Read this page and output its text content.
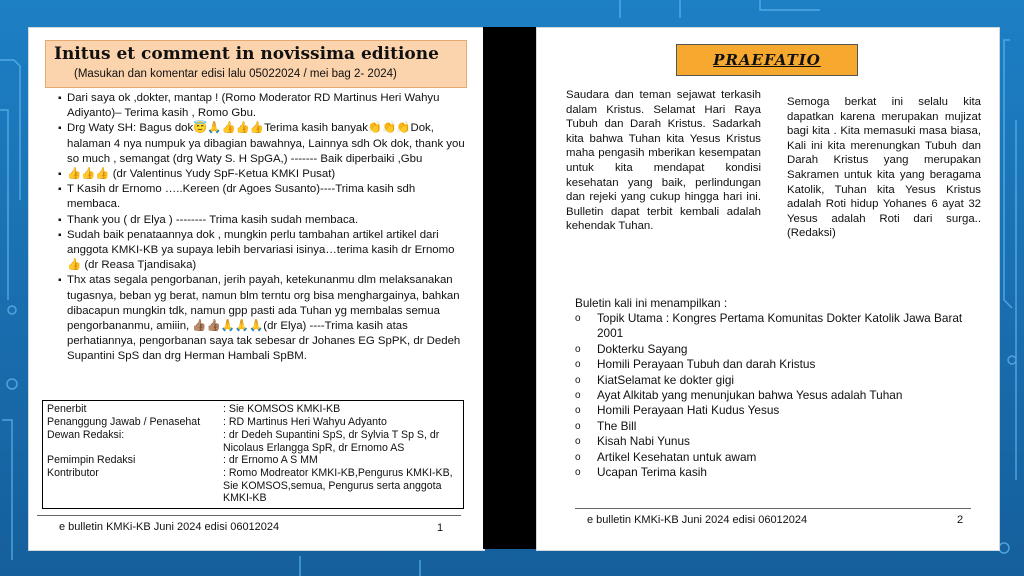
Initus et comment in novissima editione
(Masukan dan komentar edisi lalu 05022024 / mei bag 2- 2024)
▪ Dari saya ok ,dokter, mantap ! (Romo Moderator RD Martinus Heri Wahyu Adiyanto)– Terima kasih , Romo Gbu.
▪ Drg Waty SH: Bagus dok😇🙏👍👍👍Terima kasih banyak👏👏👏Dok, halaman 4 nya numpuk ya dibagian bawahnya, Lainnya sdh Ok dok, thank you so much , semangat (drg Waty S. H SpGA,) ------- Baik diperbaiki ,Gbu
▪ 👍👍👍 (dr Valentinus Yudy SpF-Ketua KMKI Pusat)
▪ T Kasih dr Ernomo …..Kereen (dr Agoes Susanto)----Trima kasih sdh membaca.
▪ Thank you ( dr Elya ) -------- Trima kasih sudah membaca.
▪ Sudah baik penataannya dok , mungkin perlu tambahan artikel artikel dari anggota KMKI-KB ya supaya lebih bervariasi isinya…terima kasih dr Ernomo 👍 (dr Reasa Tjandisaka)
▪ Thx atas segala pengorbanan, jerih payah, ketekunanmu dlm melaksanakan tugasnya, beban yg berat, namun blm terntu org bisa menghargainya, bahkan dibacapun mungkin tdk, namun gpp pasti ada Tuhan yg membalas semua pengorbananmu, amiiin, 👍🏽👍🏽🙏🙏🙏(dr Elya) ----Trima kasih atas perhatiannya, pengorbanan saya tak sebesar dr Johanes EG SpPK, dr Dedeh Supantini SpS dan drg Herman Hambali SpBM.
Penerbit	: Sie KOMSOS KMKI-KB
Penanggung Jawab / Penasehat : RD Martinus Heri Wahyu Adyanto
Dewan Redaksi:	: dr Dedeh Supantini SpS, dr Sylvia T Sp S, dr Nicolaus Erlangga SpR, dr Ernomo AS
Pemimpin Redaksi	: dr Ernomo A S MM
Kontributor	: Romo Modreator KMKI-KB,Pengurus KMKI-KB, Sie KOMSOS,semua, Pengurus serta anggota KMKI-KB
e bulletin KMKi-KB Juni 2024 edisi 06012024	1
PRAEFATIO
Saudara dan teman sejawat terkasih dalam Kristus. Selamat Hari Raya Tubuh dan Darah Kristus. Sadarkah kita bahwa Tuhan kita Yesus Kristus maha pengasih mberikan kesempatan untuk kita mendapat kondisi kesehatan yang baik, perlindungan dan rejeki yang cukup hingga hari ini. Bulletin dapat terbit kembali adalah kehendak Tuhan.
Semoga berkat ini selalu kita dapatkan karena merupakan mujizat bagi kita . Kita memasuki masa biasa, Kali ini kita merenungkan Tubuh dan Darah Kristus yang merupakan Sakramen untuk kita yang beragama Katolik, Tuhan kita Yesus Kristus adalah Roti hidup Yohanes 6 ayat 32 Yesus adalah Roti dari surga..(Redaksi)
Buletin kali ini menampilkan :
o Topik Utama : Kongres Pertama Komunitas Dokter Katolik Jawa Barat 2001
o Dokterku Sayang
o Homili Perayaan Tubuh dan darah Kristus
o KiatSelamat ke dokter gigi
o Ayat Alkitab yang menunjukan bahwa Yesus adalah Tuhan
o Homili Perayaan Hati Kudus Yesus
o The Bill
o Kisah Nabi Yunus
o Artikel Kesehatan untuk awam
o Ucapan Terima kasih
e bulletin KMKi-KB Juni 2024 edisi 06012024	2
